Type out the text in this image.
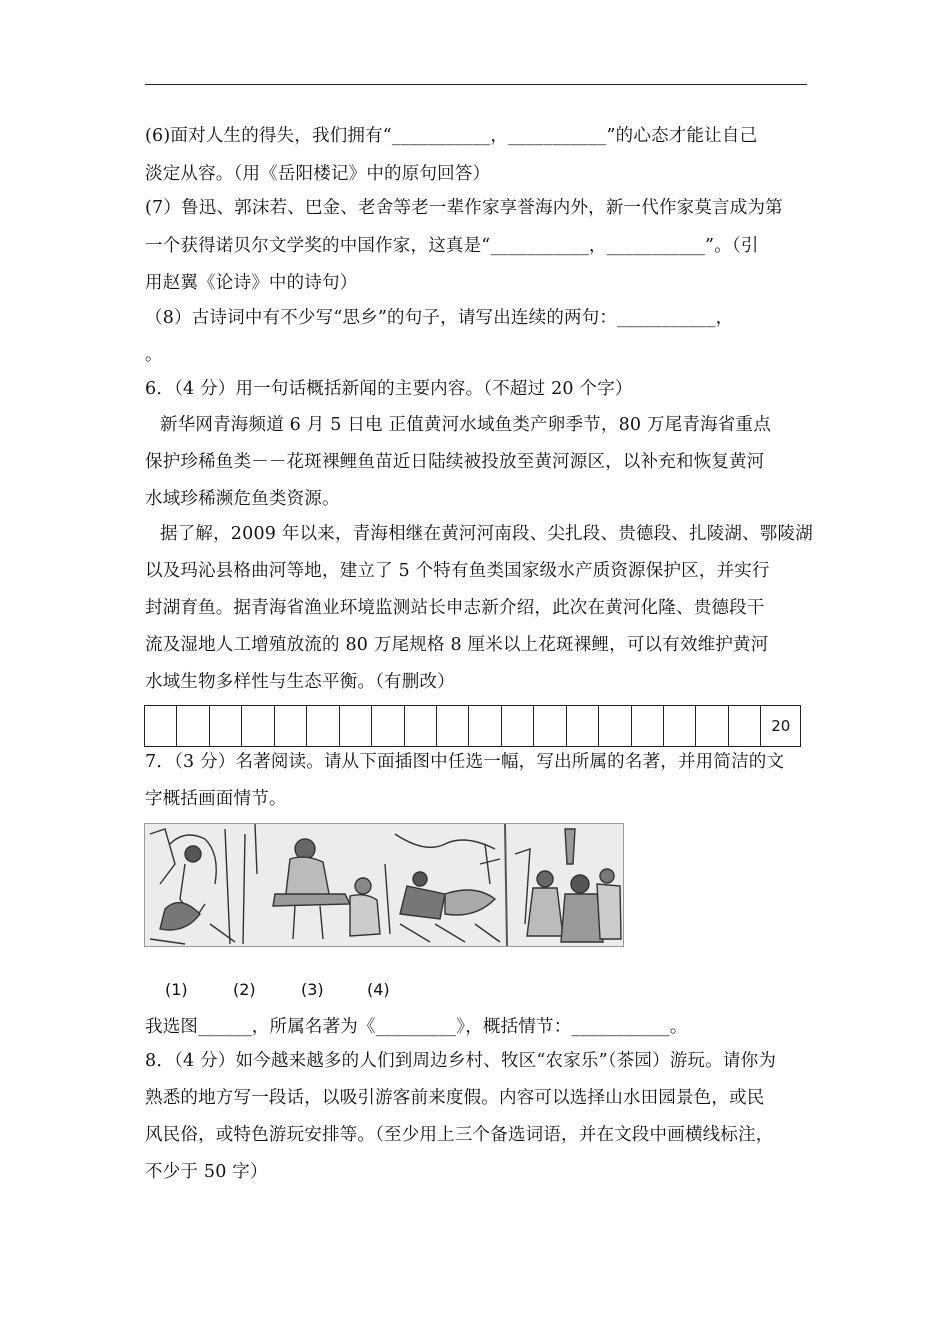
(6)面对人生的得失，我们拥有“___________，___________”的心态才能让自己
淡定从容。（用《岳阳楼记》中的原句回答）
(7）鲁迅、郭沫若、巴金、老舍等老一辈作家享誉海内外，新一代作家莫言成为第
一个获得诺贝尔文学奖的中国作家，这真是“___________，___________”。（引
用赵翼《论诗》中的诗句）
（8）古诗词中有不少写“思乡”的句子，请写出连续的两句：___________，
。
6．（4 分）用一句话概括新闻的主要内容。（不超过 20 个字）
新华网青海频道 6 月 5 日电 正值黄河水域鱼类产卵季节，80 万尾青海省重点
保护珍稀鱼类－－花斑裸鲤鱼苗近日陆续被投放至黄河源区，以补充和恢复黄河
水域珍稀濒危鱼类资源。
据了解，2009 年以来，青海相继在黄河河南段、尖扎段、贵德段、扎陵湖、鄂陵湖
以及玛沁县格曲河等地，建立了 5 个特有鱼类国家级水产质资源保护区，并实行
封湖育鱼。据青海省渔业环境监测站长申志新介绍，此次在黄河化隆、贵德段干
流及湿地人工增殖放流的 80 万尾规格 8 厘米以上花斑裸鲤，可以有效维护黄河
水域生物多样性与生态平衡。（有删改）
20
7．（3 分）名著阅读。请从下面插图中任选一幅，写出所属的名著，并用简洁的文
字概括画面情节。
(1)	(2)	(3)	(4)
我选图______，所属名著为《_________》，概括情节：___________。
8．（4 分）如今越来越多的人们到周边乡村、牧区“农家乐”（茶园）游玩。请你为
熟悉的地方写一段话，以吸引游客前来度假。内容可以选择山水田园景色，或民
风民俗，或特色游玩安排等。（至少用上三个备选词语，并在文段中画横线标注，
不少于 50 字）
